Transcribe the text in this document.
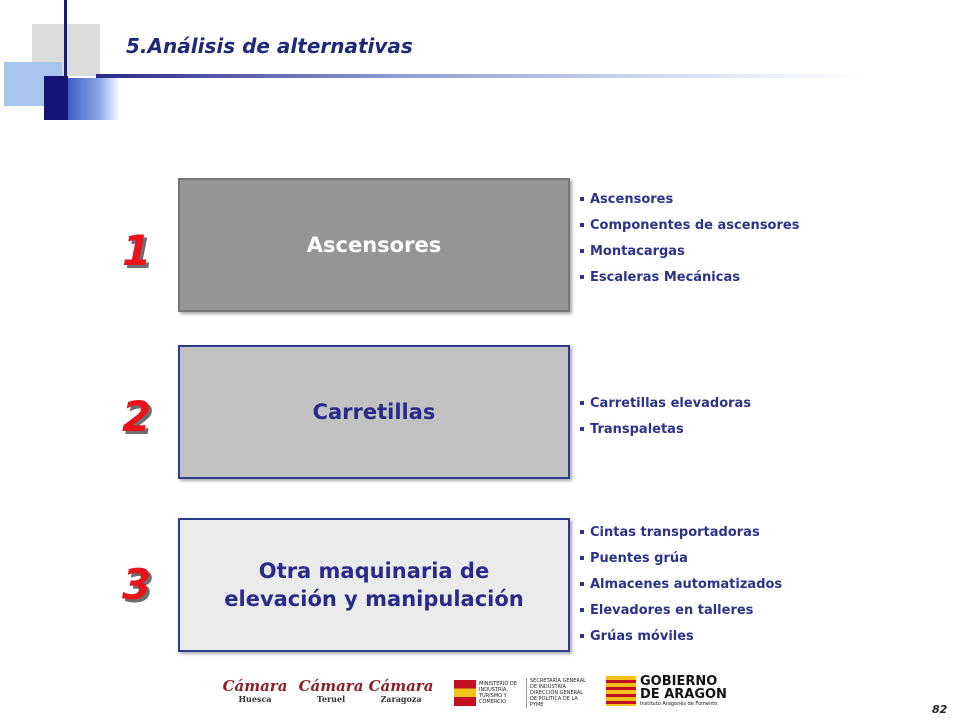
5.Análisis de alternativas
1	Ascensores
Ascensores
Componentes de ascensores
Montacargas
Escaleras Mecánicas
2	Carretillas	Carretillas elevadoras
Transpaletas
3	Otra maquinaria de
elevación y manipulación
Cintas transportadoras
Puentes grúa
Almacenes automatizados
Elevadores en talleres
Grúas móviles
Cámara
Huesca
Cámara
Teruel
Cámara
Zaragoza
MINISTERIO DE INDUSTRIA, TURISMO Y COMERCIO
SECRETARÍA GENERAL DE INDUSTRIA DIRECCIÓN GENERAL DE POLÍTICA DE LA PYME
GOBIERNO
DE ARAGON
Instituto Aragonés de Fomento	82
